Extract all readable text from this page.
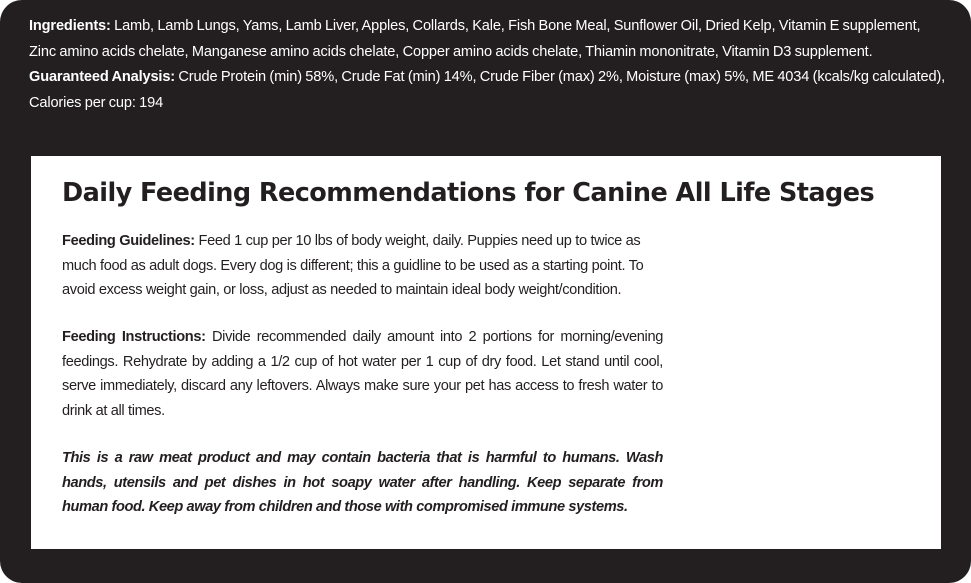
Ingredients: Lamb, Lamb Lungs, Yams, Lamb Liver, Apples, Collards, Kale, Fish Bone Meal, Sunflower Oil, Dried Kelp, Vitamin E supplement, Zinc amino acids chelate, Manganese amino acids chelate, Copper amino acids chelate, Thiamin mononitrate, Vitamin D3 supplement. Guaranteed Analysis: Crude Protein (min) 58%, Crude Fat (min) 14%, Crude Fiber (max) 2%, Moisture (max) 5%, ME 4034 (kcals/kg calculated), Calories per cup: 194
Daily Feeding Recommendations for Canine All Life Stages

Feeding Guidelines: Feed 1 cup per 10 lbs of body weight, daily. Puppies need up to twice as much food as adult dogs. Every dog is different; this a guidline to be used as a starting point. To avoid excess weight gain, or loss, adjust as needed to maintain ideal body weight/condition.

Feeding Instructions: Divide recommended daily amount into 2 portions for morning/evening feedings. Rehydrate by adding a 1/2 cup of hot water per 1 cup of dry food. Let stand until cool, serve immediately, discard any leftovers. Always make sure your pet has access to fresh water to drink at all times.

This is a raw meat product and may contain bacteria that is harmful to humans. Wash hands, utensils and pet dishes in hot soapy water after handling. Keep separate from human food. Keep away from children and those with compromised immune systems.
